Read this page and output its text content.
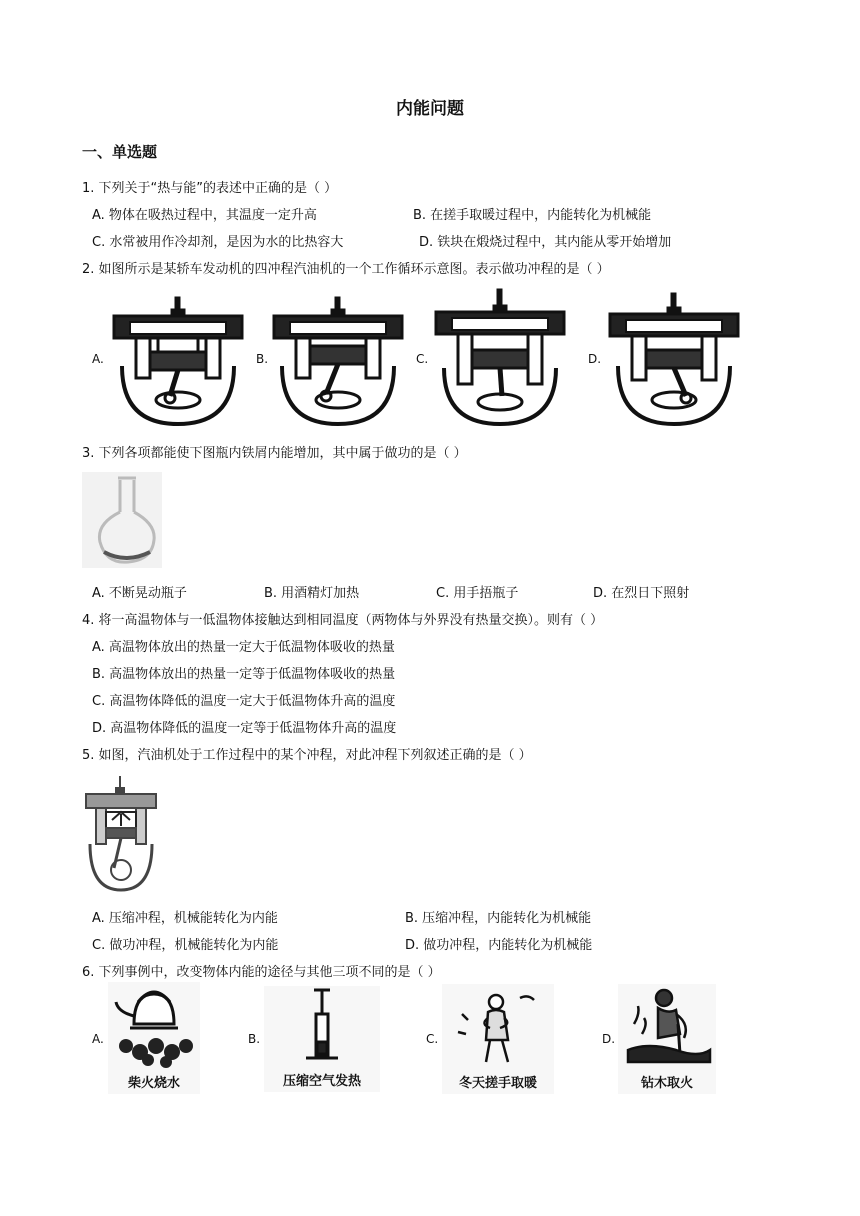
内能问题
一、单选题
1. 下列关于“热与能”的表述中正确的是（ ）
A. 物体在吸热过程中，其温度一定升高	B. 在搓手取暖过程中，内能转化为机械能
C. 水常被用作冷却剂，是因为水的比热容大	D. 铁块在煅烧过程中，其内能从零开始增加
2. 如图所示是某轿车发动机的四冲程汽油机的一个工作循环示意图。表示做功冲程的是（ ）
A.	B.	C.	D.
3. 下列各项都能使下图瓶内铁屑内能增加，其中属于做功的是（ ）
A. 不断晃动瓶子	B. 用酒精灯加热	C. 用手捂瓶子	D. 在烈日下照射
4. 将一高温物体与一低温物体接触达到相同温度（两物体与外界没有热量交换）。则有（ ）
A. 高温物体放出的热量一定大于低温物体吸收的热量
B. 高温物体放出的热量一定等于低温物体吸收的热量
C. 高温物体降低的温度一定大于低温物体升高的温度
D. 高温物体降低的温度一定等于低温物体升高的温度
5. 如图，汽油机处于工作过程中的某个冲程，对此冲程下列叙述正确的是（ ）
A. 压缩冲程，机械能转化为内能	B. 压缩冲程，内能转化为机械能
C. 做功冲程，机械能转化为内能	D. 做功冲程，内能转化为机械能
6. 下列事例中，改变物体内能的途径与其他三项不同的是（ ）
A.
柴火烧水
B.
压缩空气发热
C.
冬天搓手取暖
D.
钻木取火
